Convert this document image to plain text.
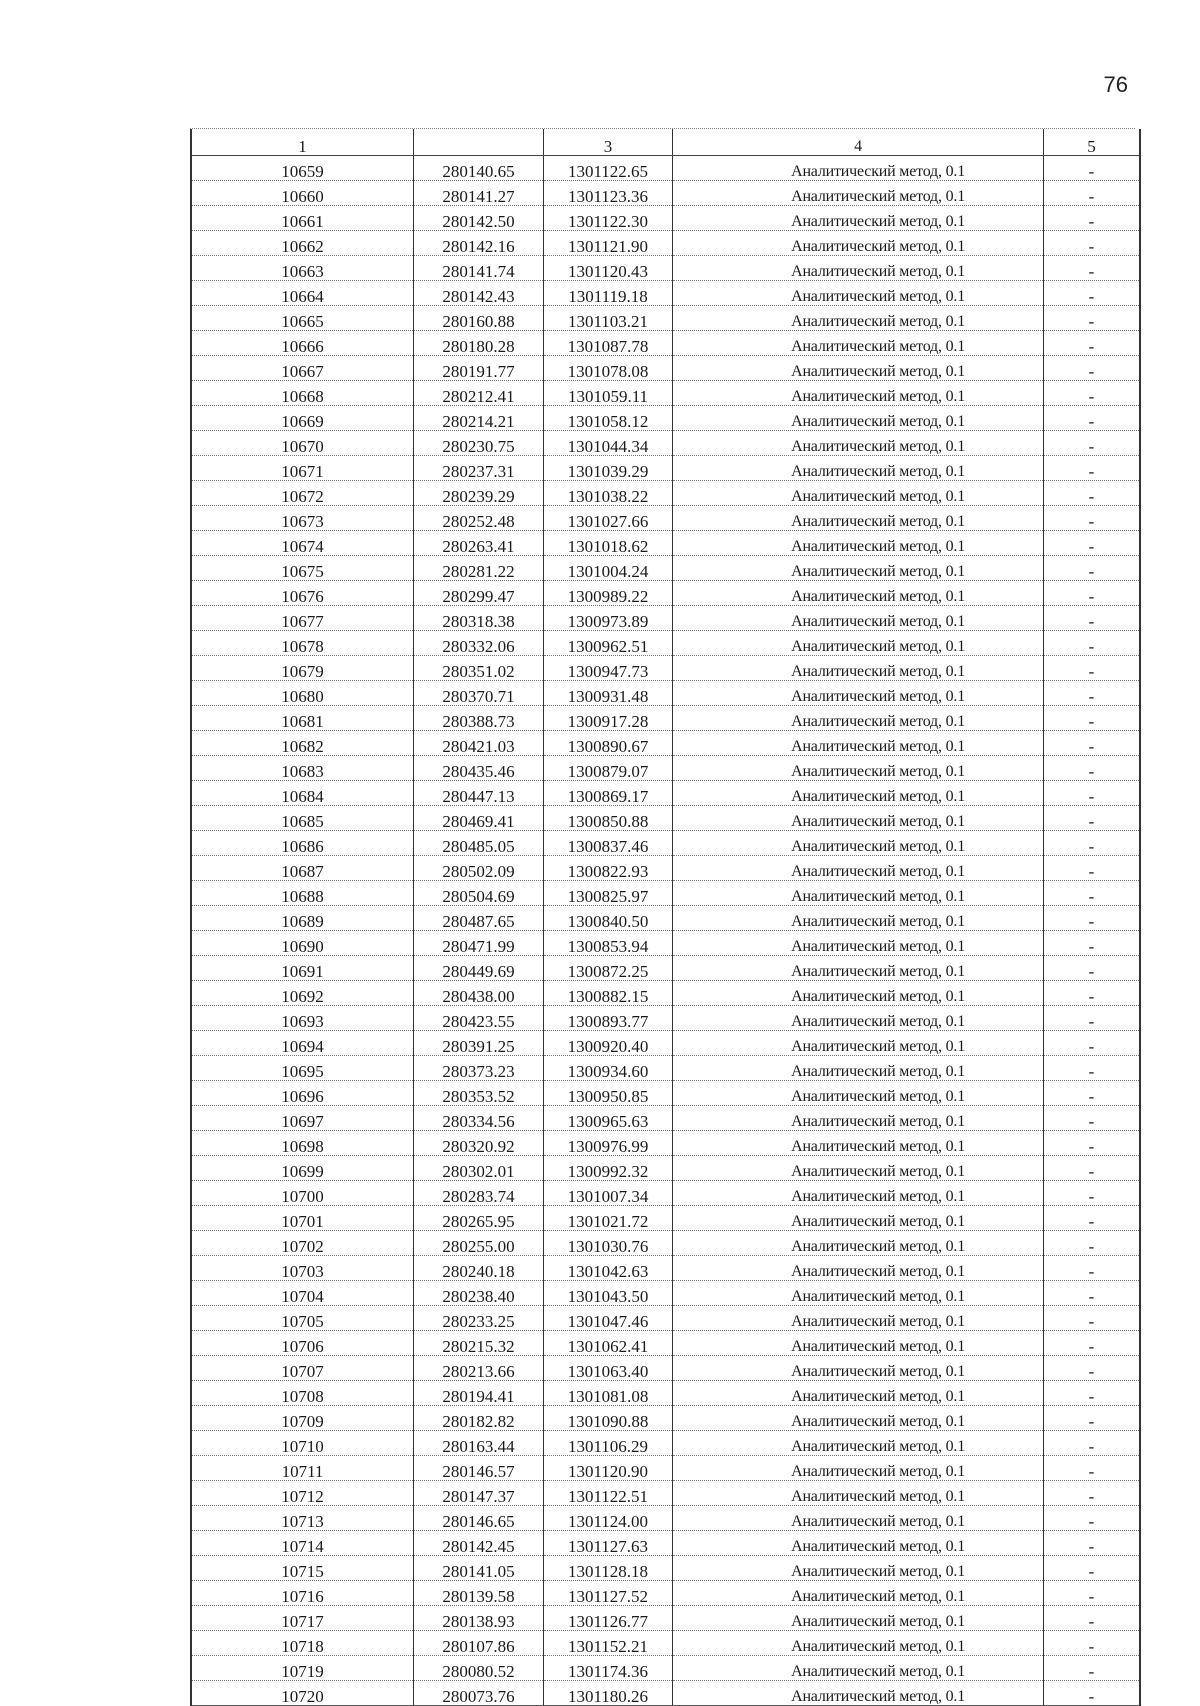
76
1		3	4	5
10659	280140.65	1301122.65	Аналитический метод, 0.1	-
10660	280141.27	1301123.36	Аналитический метод, 0.1	-
10661	280142.50	1301122.30	Аналитический метод, 0.1	-
10662	280142.16	1301121.90	Аналитический метод, 0.1	-
10663	280141.74	1301120.43	Аналитический метод, 0.1	-
10664	280142.43	1301119.18	Аналитический метод, 0.1	-
10665	280160.88	1301103.21	Аналитический метод, 0.1	-
10666	280180.28	1301087.78	Аналитический метод, 0.1	-
10667	280191.77	1301078.08	Аналитический метод, 0.1	-
10668	280212.41	1301059.11	Аналитический метод, 0.1	-
10669	280214.21	1301058.12	Аналитический метод, 0.1	-
10670	280230.75	1301044.34	Аналитический метод, 0.1	-
10671	280237.31	1301039.29	Аналитический метод, 0.1	-
10672	280239.29	1301038.22	Аналитический метод, 0.1	-
10673	280252.48	1301027.66	Аналитический метод, 0.1	-
10674	280263.41	1301018.62	Аналитический метод, 0.1	-
10675	280281.22	1301004.24	Аналитический метод, 0.1	-
10676	280299.47	1300989.22	Аналитический метод, 0.1	-
10677	280318.38	1300973.89	Аналитический метод, 0.1	-
10678	280332.06	1300962.51	Аналитический метод, 0.1	-
10679	280351.02	1300947.73	Аналитический метод, 0.1	-
10680	280370.71	1300931.48	Аналитический метод, 0.1	-
10681	280388.73	1300917.28	Аналитический метод, 0.1	-
10682	280421.03	1300890.67	Аналитический метод, 0.1	-
10683	280435.46	1300879.07	Аналитический метод, 0.1	-
10684	280447.13	1300869.17	Аналитический метод, 0.1	-
10685	280469.41	1300850.88	Аналитический метод, 0.1	-
10686	280485.05	1300837.46	Аналитический метод, 0.1	-
10687	280502.09	1300822.93	Аналитический метод, 0.1	-
10688	280504.69	1300825.97	Аналитический метод, 0.1	-
10689	280487.65	1300840.50	Аналитический метод, 0.1	-
10690	280471.99	1300853.94	Аналитический метод, 0.1	-
10691	280449.69	1300872.25	Аналитический метод, 0.1	-
10692	280438.00	1300882.15	Аналитический метод, 0.1	-
10693	280423.55	1300893.77	Аналитический метод, 0.1	-
10694	280391.25	1300920.40	Аналитический метод, 0.1	-
10695	280373.23	1300934.60	Аналитический метод, 0.1	-
10696	280353.52	1300950.85	Аналитический метод, 0.1	-
10697	280334.56	1300965.63	Аналитический метод, 0.1	-
10698	280320.92	1300976.99	Аналитический метод, 0.1	-
10699	280302.01	1300992.32	Аналитический метод, 0.1	-
10700	280283.74	1301007.34	Аналитический метод, 0.1	-
10701	280265.95	1301021.72	Аналитический метод, 0.1	-
10702	280255.00	1301030.76	Аналитический метод, 0.1	-
10703	280240.18	1301042.63	Аналитический метод, 0.1	-
10704	280238.40	1301043.50	Аналитический метод, 0.1	-
10705	280233.25	1301047.46	Аналитический метод, 0.1	-
10706	280215.32	1301062.41	Аналитический метод, 0.1	-
10707	280213.66	1301063.40	Аналитический метод, 0.1	-
10708	280194.41	1301081.08	Аналитический метод, 0.1	-
10709	280182.82	1301090.88	Аналитический метод, 0.1	-
10710	280163.44	1301106.29	Аналитический метод, 0.1	-
10711	280146.57	1301120.90	Аналитический метод, 0.1	-
10712	280147.37	1301122.51	Аналитический метод, 0.1	-
10713	280146.65	1301124.00	Аналитический метод, 0.1	-
10714	280142.45	1301127.63	Аналитический метод, 0.1	-
10715	280141.05	1301128.18	Аналитический метод, 0.1	-
10716	280139.58	1301127.52	Аналитический метод, 0.1	-
10717	280138.93	1301126.77	Аналитический метод, 0.1	-
10718	280107.86	1301152.21	Аналитический метод, 0.1	-
10719	280080.52	1301174.36	Аналитический метод, 0.1	-
10720	280073.76	1301180.26	Аналитический метод, 0.1	-
